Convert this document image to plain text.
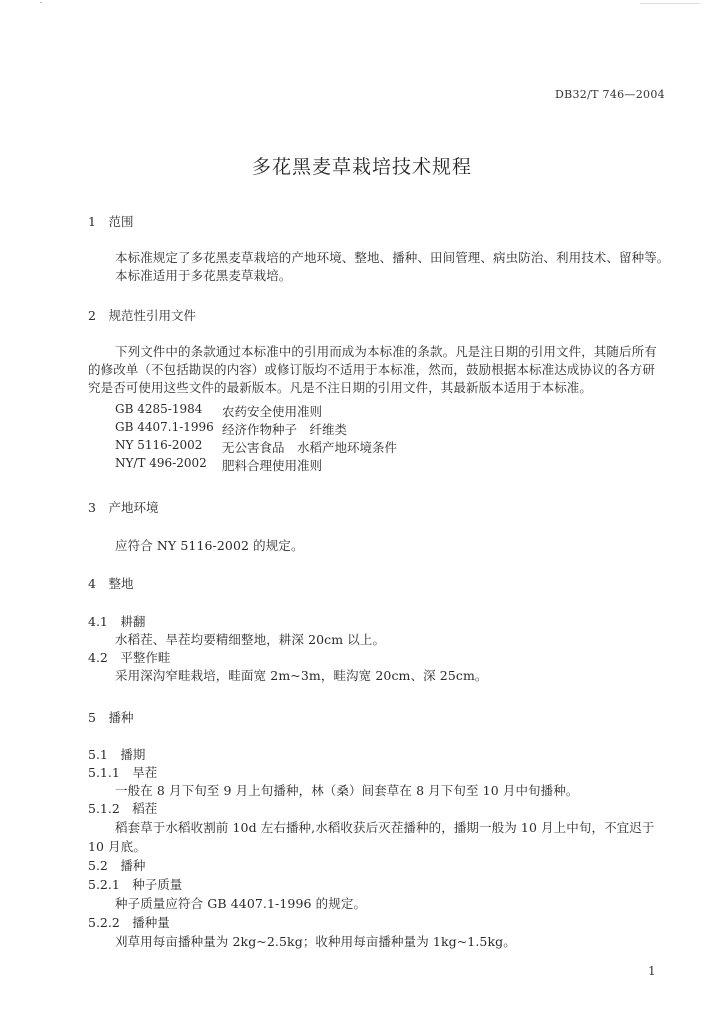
DB32/T 746—2004
多花黑麦草栽培技术规程
1　范围
本标准规定了多花黑麦草栽培的产地环境、整地、播种、田间管理、病虫防治、利用技术、留种等。
本标准适用于多花黑麦草栽培。
2　规范性引用文件
下列文件中的条款通过本标准中的引用而成为本标准的条款。凡是注日期的引用文件，其随后所有
的修改单（不包括勘误的内容）或修订版均不适用于本标准，然而，鼓励根据本标准达成协议的各方研
究是否可使用这些文件的最新版本。凡是不注日期的引用文件，其最新版本适用于本标准。
GB 4285-1984 农药安全使用准则
GB 4407.1-1996 经济作物种子　纤维类
NY 5116-2002 无公害食品　水稻产地环境条件
NY/T 496-2002 肥料合理使用准则
3　产地环境
应符合 NY 5116-2002 的规定。
4　整地
4.1　耕翻
水稻茬、旱茬均要精细整地，耕深 20cm 以上。
4.2　平整作畦
采用深沟窄畦栽培，畦面宽 2m~3m，畦沟宽 20cm、深 25cm。
5　播种
5.1　播期
5.1.1　旱茬
一般在 8 月下旬至 9 月上旬播种，林（桑）间套草在 8 月下旬至 10 月中旬播种。
5.1.2　稻茬
稻套草于水稻收割前 10d 左右播种,水稻收获后灭茬播种的，播期一般为 10 月上中旬，不宜迟于
10 月底。
5.2　播种
5.2.1　种子质量
种子质量应符合 GB 4407.1-1996 的规定。
5.2.2　播种量
刈草用每亩播种量为 2kg~2.5kg；收种用每亩播种量为 1kg~1.5kg。
1
